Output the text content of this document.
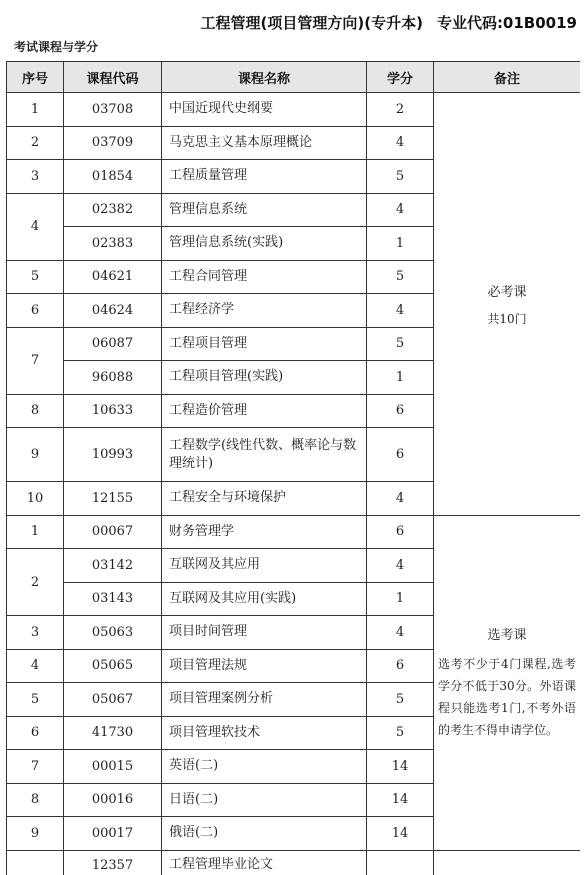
工程管理(项目管理方向)(专升本) 专业代码:01B0019
考试课程与学分
序号	课程代码	课程名称	学分	备注
1	03708	中国近现代史纲要	2	必考课
共10门

2	03709	马克思主义基本原理概论	4	
3	01854	工程质量管理	5	
4	02382	管理信息系统	4	
	02383	管理信息系统(实践)	1	
5	04621	工程合同管理	5	
6	04624	工程经济学	4	
7	06087	工程项目管理	5	
	96088	工程项目管理(实践)	1	
8	10633	工程造价管理	6	
9	10993	工程数学(线性代数、概率论与数理统计)	6	
10	12155	工程安全与环境保护	4	
1	00067	财务管理学	6	选考课
选考不少于4门课程,选考学分不低于30分。外语课程只能选考1门,不考外语的考生不得申请学位。

2	03142	互联网及其应用	4	
	03143	互联网及其应用(实践)	1	
3	05063	项目时间管理	4	
4	05065	项目管理法规	6	
5	05067	项目管理案例分析	5	
6	41730	项目管理软技术	5	
7	00015	英语(二)	14	
8	00016	日语(二)	14	
9	00017	俄语(二)	14	
	12357	工程管理毕业论文		
